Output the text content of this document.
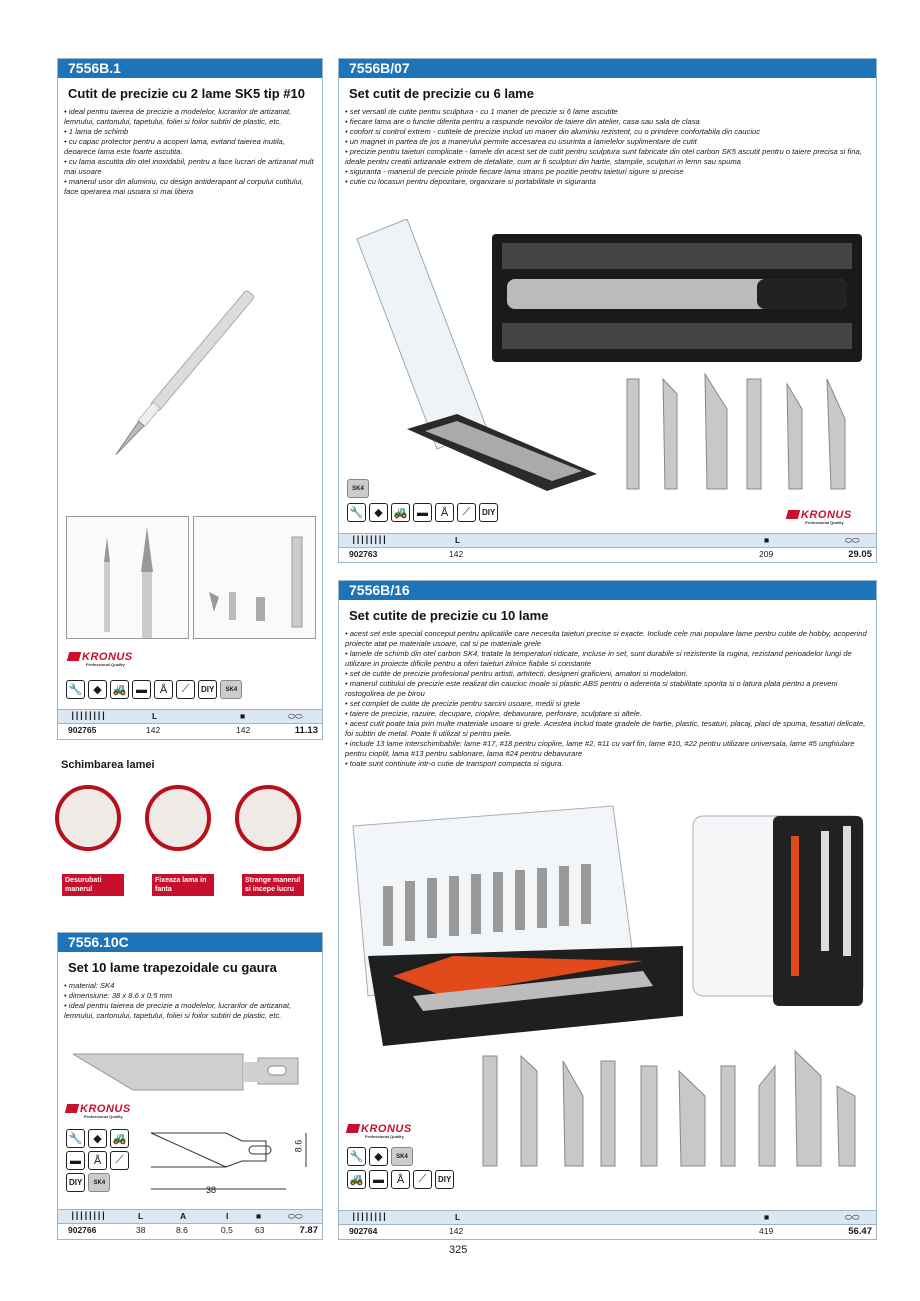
7556B.1
Cutit de precizie cu 2 lame SK5 tip #10
• ideal pentru taierea de precizie a modelelor, lucrarilor de artizanat, lemnului, cartonului, tapetului, foliei si foilor subtiri de plastic, etc.
• 1 lama de schimb
• cu capac protector pentru a acoperi lama, evitand taierea inutila, deoarece lama este foarte ascutita.
• cu lama ascutita din otel inoxidabil, pentru a face lucrari de artizanat mult mai usoare
• manerul usor din aluminiu, cu design antiderapant al corpului cutitului, face operarea mai usoara si mai libera
KRONUS
Professional Quality
🔧 ◆ 🚜 ▬	Å	⟋	DIY	SK4
||||||||	L	■	⬭⬭
902765	142	142	11.13
Schimbarea lamei
Desurubati manerul
Fixeaza lama in fanta
Strange manerul si incepe lucru
7556.10C
Set 10 lame trapezoidale cu gaura
• material: SK4
• dimensiune: 38 x 8.6 x 0.5 mm
• ideal pentru taierea de precizie a modelelor, lucrarilor de artizanat, lemnului, cartonului, tapetului, foliei si foilor subtiri de plastic, etc.
KRONUS
Professional Quality
🔧 ◆ 🚜
▬	Å	⟋
DIY	SK4
8.6
38
||||||||	L	A	I	■	⬭⬭
902766	38	8.6	0,5	63	7.87
7556B/07
Set cutit de precizie cu 6 lame
• set versatil de cutite pentru sculptura - cu 1 maner de precizie si 6 lame ascutite
• fiecare lama are o functie diferita pentru a raspunde nevoilor de taiere din atelier, casa sau sala de clasa
• confort si control extrem - cutitele de precizie includ un maner din aluminiu rezistent, cu o prindere confortabila din cauciuc
• un magnet in partea de jos a manerului permite accesarea cu usurinta a lamelelor suplimentare de cutit
• precizie pentru taieturi complicate - lamele din acest set de cutit pentru sculptura sunt fabricate din otel carbon SK5 ascutit pentru o taiere precisa si fina, ideale pentru creatii artizanale extrem de detaliate, cum ar fi sculpturi din hartie, stampile, sculpturi in lemn sau spuma
• siguranta - manerul de precizie prinde fiecare lama strans pe pozitie pentru taieturi sigure si precise
• cutie cu locasuri pentru depozitare, organizare si portabilitate in siguranta
SK4
🔧 ◆ 🚜 ▬	Å	⟋	DIY	KRONUS
Professional Quality
||||||||	L	■	⬭⬭
902763	142	209	29.05
7556B/16
Set cutite de precizie cu 10 lame
• acest set este special conceput pentru aplicatiile care necesita taieturi precise si exacte. Include cele mai populare lame pentru cutite de hobby, acoperind proiecte atat pe materiale usoare, cat si pe materiale grele
• lamele de schimb din otel carbon SK4, tratate la temperaturi ridicate, incluse in set, sunt durabile si rezistente la rugina, rezistand perioadelor lungi de utilizare in proiecte dificile pentru a oferi taieturi zilnice fiabile si constante
• set de cutite de precizie profesional pentru artisti, arhitecti, designeri graficieni, amatori si modelatori.
• manerul cutitului de precizie este realizat din cauciuc moale si plastic ABS pentru o aderenta si stabilitate sporita si o latura plata pentru a preveni rostogolirea de pe birou
• set complet de cutite de precizie pentru sarcini usoare, medii si grele
• taiere de precizie, razuire, decupare, cioplire, debavurare, perforare, sculptare si altele.
• acest cutit poate taia prin multe materiale usoare si grele. Acestea includ toate gradele de hartie, plastic, tesaturi, placaj, placi de spuma, tesaturi delicate, foi subtiri de metal. Poate fi utilizat si pentru piele.
• include 13 lame interschimbabile: lame #17, #18 pentru cioplire, lame #2, #11 cu varf fin, lame #10, #22 pentru utilizare universala, lame #5 unghiulare pentru cioplit, lama #13 pentru sablonare, lama #24 pentru debavurare
• toate sunt continute intr-o cutie de transport compacta si sigura.
KRONUS
Professional Quality
🔧 ◆	SK4
🚜 ▬	Å	⟋	DIY
||||||||	L	■	⬭⬭
902764	142	419	56.47
325
